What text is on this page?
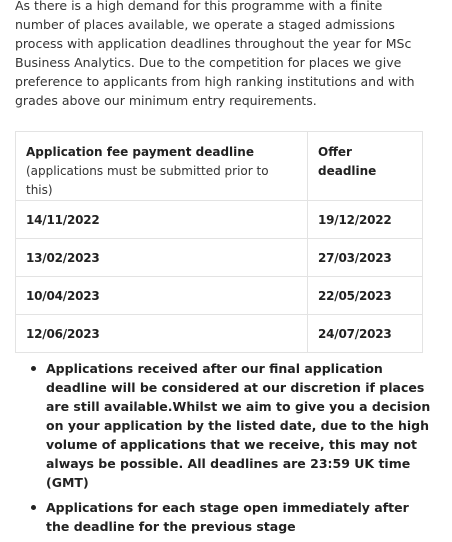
As there is a high demand for this programme with a finite number of places available, we operate a staged admissions process with application deadlines throughout the year for MSc Business Analytics. Due to the competition for places we give preference to applicants from high ranking institutions and with grades above our minimum entry requirements.

Application fee payment deadline
(applications must be submitted prior to this)	Offer deadline

14/11/2022	19/12/2022
13/02/2023	27/03/2023
10/04/2023	22/05/2023
12/06/2023	24/07/2023
Applications received after our final application deadline will be considered at our discretion if places are still available.Whilst we aim to give you a decision on your application by the listed date, due to the high volume of applications that we receive, this may not always be possible. All deadlines are 23:59 UK time (GMT)
Applications for each stage open immediately after the deadline for the previous stage
